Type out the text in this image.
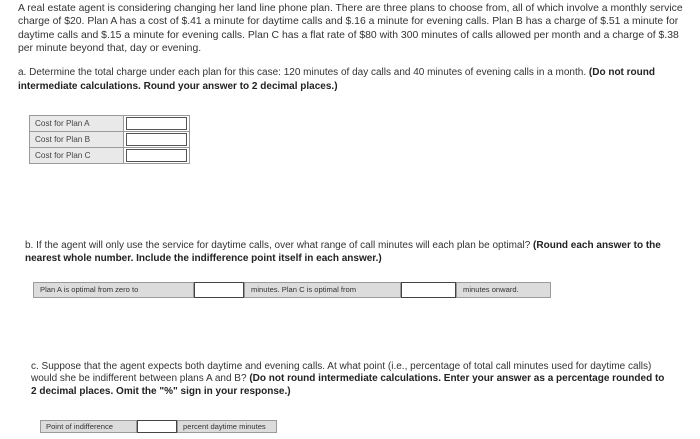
A real estate agent is considering changing her land line phone plan. There are three plans to choose from, all of which involve a monthly service charge of $20. Plan A has a cost of $.41 a minute for daytime calls and $.16 a minute for evening calls. Plan B has a charge of $.51 a minute for daytime calls and $.15 a minute for evening calls. Plan C has a flat rate of $80 with 300 minutes of calls allowed per month and a charge of $.38 per minute beyond that, day or evening.
a. Determine the total charge under each plan for this case: 120 minutes of day calls and 40 minutes of evening calls in a month. (Do not round intermediate calculations. Round your answer to 2 decimal places.)
Cost for Plan A	

Cost for Plan B	

Cost for Plan C	
b. If the agent will only use the service for daytime calls, over what range of call minutes will each plan be optimal? (Round each answer to the nearest whole number. Include the indifference point itself in each answer.)
Plan A is optimal from zero to	minutes. Plan C is optimal from	minutes onward.
c. Suppose that the agent expects both daytime and evening calls. At what point (i.e., percentage of total call minutes used for daytime calls) would she be indifferent between plans A and B? (Do not round intermediate calculations. Enter your answer as a percentage rounded to 2 decimal places. Omit the "%" sign in your response.)
Point of indifference	percent daytime minutes
